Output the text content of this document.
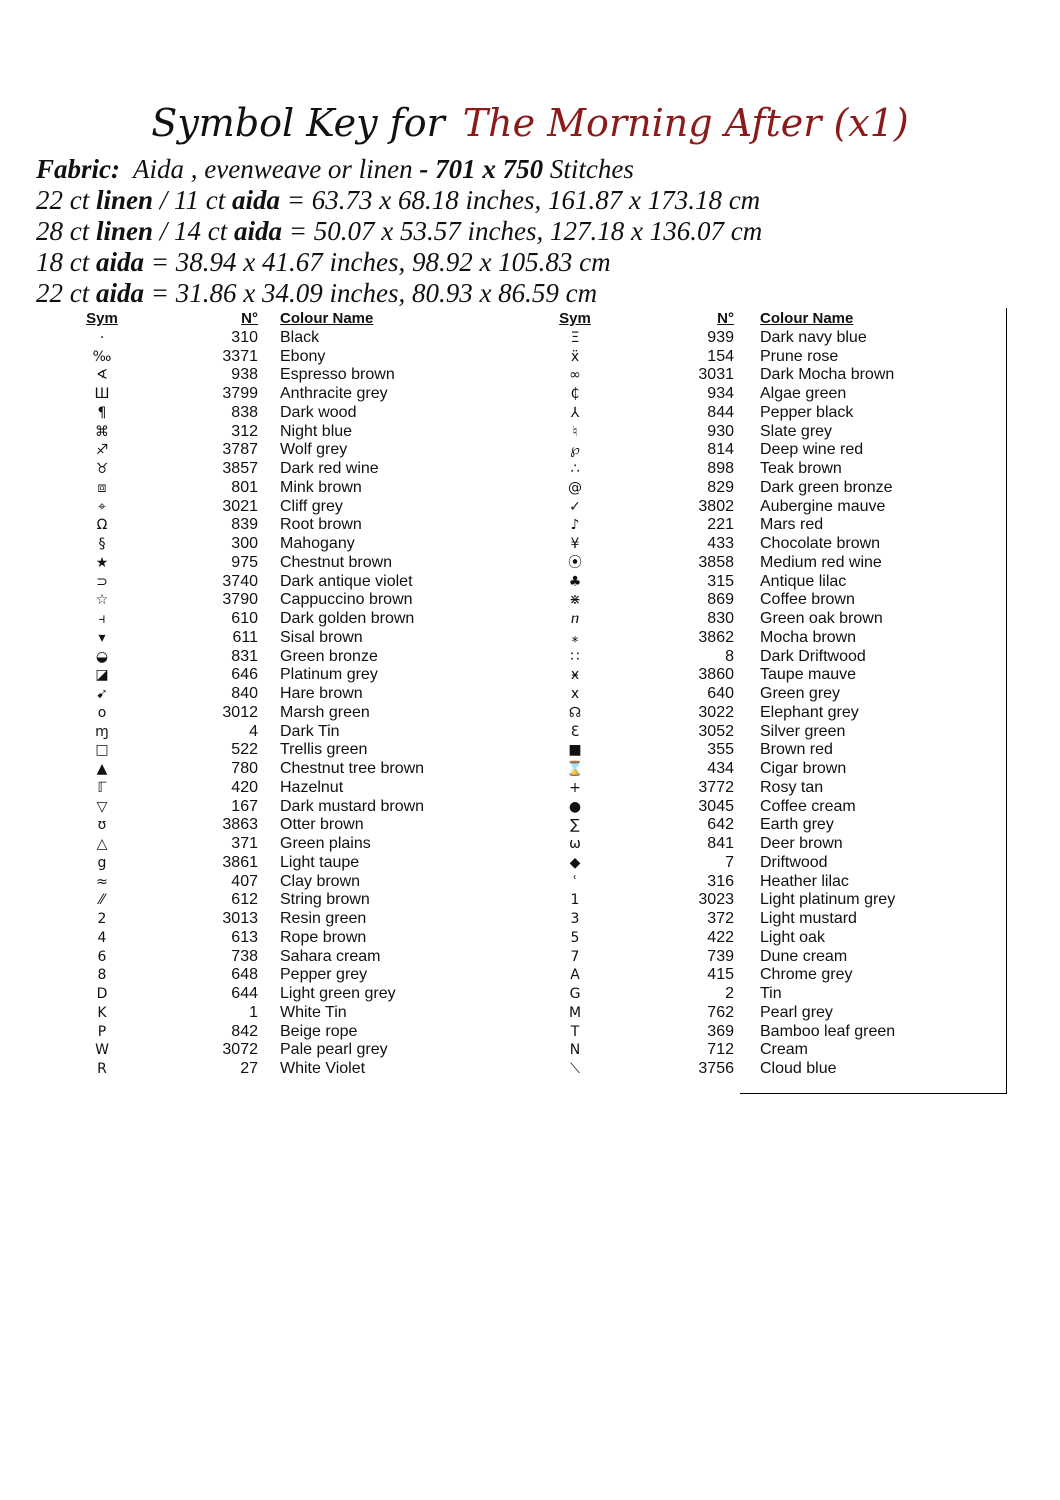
Symbol Key for The Morning After (x1)
Fabric: Aida , evenweave or linen - 701 x 750 Stitches
22 ct linen / 11 ct aida = 63.73 x 68.18 inches, 161.87 x 173.18 cm
28 ct linen / 14 ct aida = 50.07 x 53.57 inches, 127.18 x 136.07 cm
18 ct aida = 38.94 x 41.67 inches, 98.92 x 105.83 cm
22 ct aida = 31.86 x 34.09 inches, 80.93 x 86.59 cm
Sym	N° Colour Name
·	310 Black
‰	3371 Ebony
∢	938 Espresso brown
Ш	3799 Anthracite grey
¶	838 Dark wood
⌘	312 Night blue
♐	3787 Wolf grey
♉	3857 Dark red wine
⧈	801 Mink brown
⌖	3021 Cliff grey
Ω	839 Root brown
§	300 Mahogany
★	975 Chestnut brown
⊃	3740 Dark antique violet
☆	3790 Cappuccino brown
⫞	610 Dark golden brown
▾	611 Sisal brown
◒	831 Green bronze
◪	646 Platinum grey
➹	840 Hare brown
o	3012 Marsh green
ɱ	4 Dark Tin
□	522 Trellis green
▲	780 Chestnut tree brown
ℾ	420 Hazelnut
▽	167 Dark mustard brown
ʊ	3863 Otter brown
△	371 Green plains
g	3861 Light taupe
≈	407 Clay brown
⁄⁄	612 String brown
2	3013 Resin green
4	613 Rope brown
6	738 Sahara cream
8	648 Pepper grey
D	644 Light green grey
K	1 White Tin
P	842 Beige rope
W	3072 Pale pearl grey
R	27 White Violet
Sym	N° Colour Name
Ξ	939 Dark navy blue
ẍ	154 Prune rose
∞	3031 Dark Mocha brown
₵	934 Algae green
⅄	844 Pepper black
♮	930 Slate grey
℘	814 Deep wine red
∴	898 Teak brown
@	829 Dark green bronze
✓	3802 Aubergine mauve
♪	221 Mars red
¥	433 Chocolate brown
⦿	3858 Medium red wine
♣	315 Antique lilac
⋇	869 Coffee brown
ⴖ	830 Green oak brown
⁎	3862 Mocha brown
∷	8 Dark Driftwood
ӿ	3860 Taupe mauve
x	640 Green grey
☊	3022 Elephant grey
Ɛ	3052 Silver green
■	355 Brown red
⌛	434 Cigar brown
+	3772 Rosy tan
●	3045 Coffee cream
∑	642 Earth grey
ω	841 Deer brown
◆	7 Driftwood
ʿ	316 Heather lilac
1	3023 Light platinum grey
3	372 Light mustard
5	422 Light oak
7	739 Dune cream
A	415 Chrome grey
G	2 Tin
M	762 Pearl grey
T	369 Bamboo leaf green
N	712 Cream
⟍	3756 Cloud blue
